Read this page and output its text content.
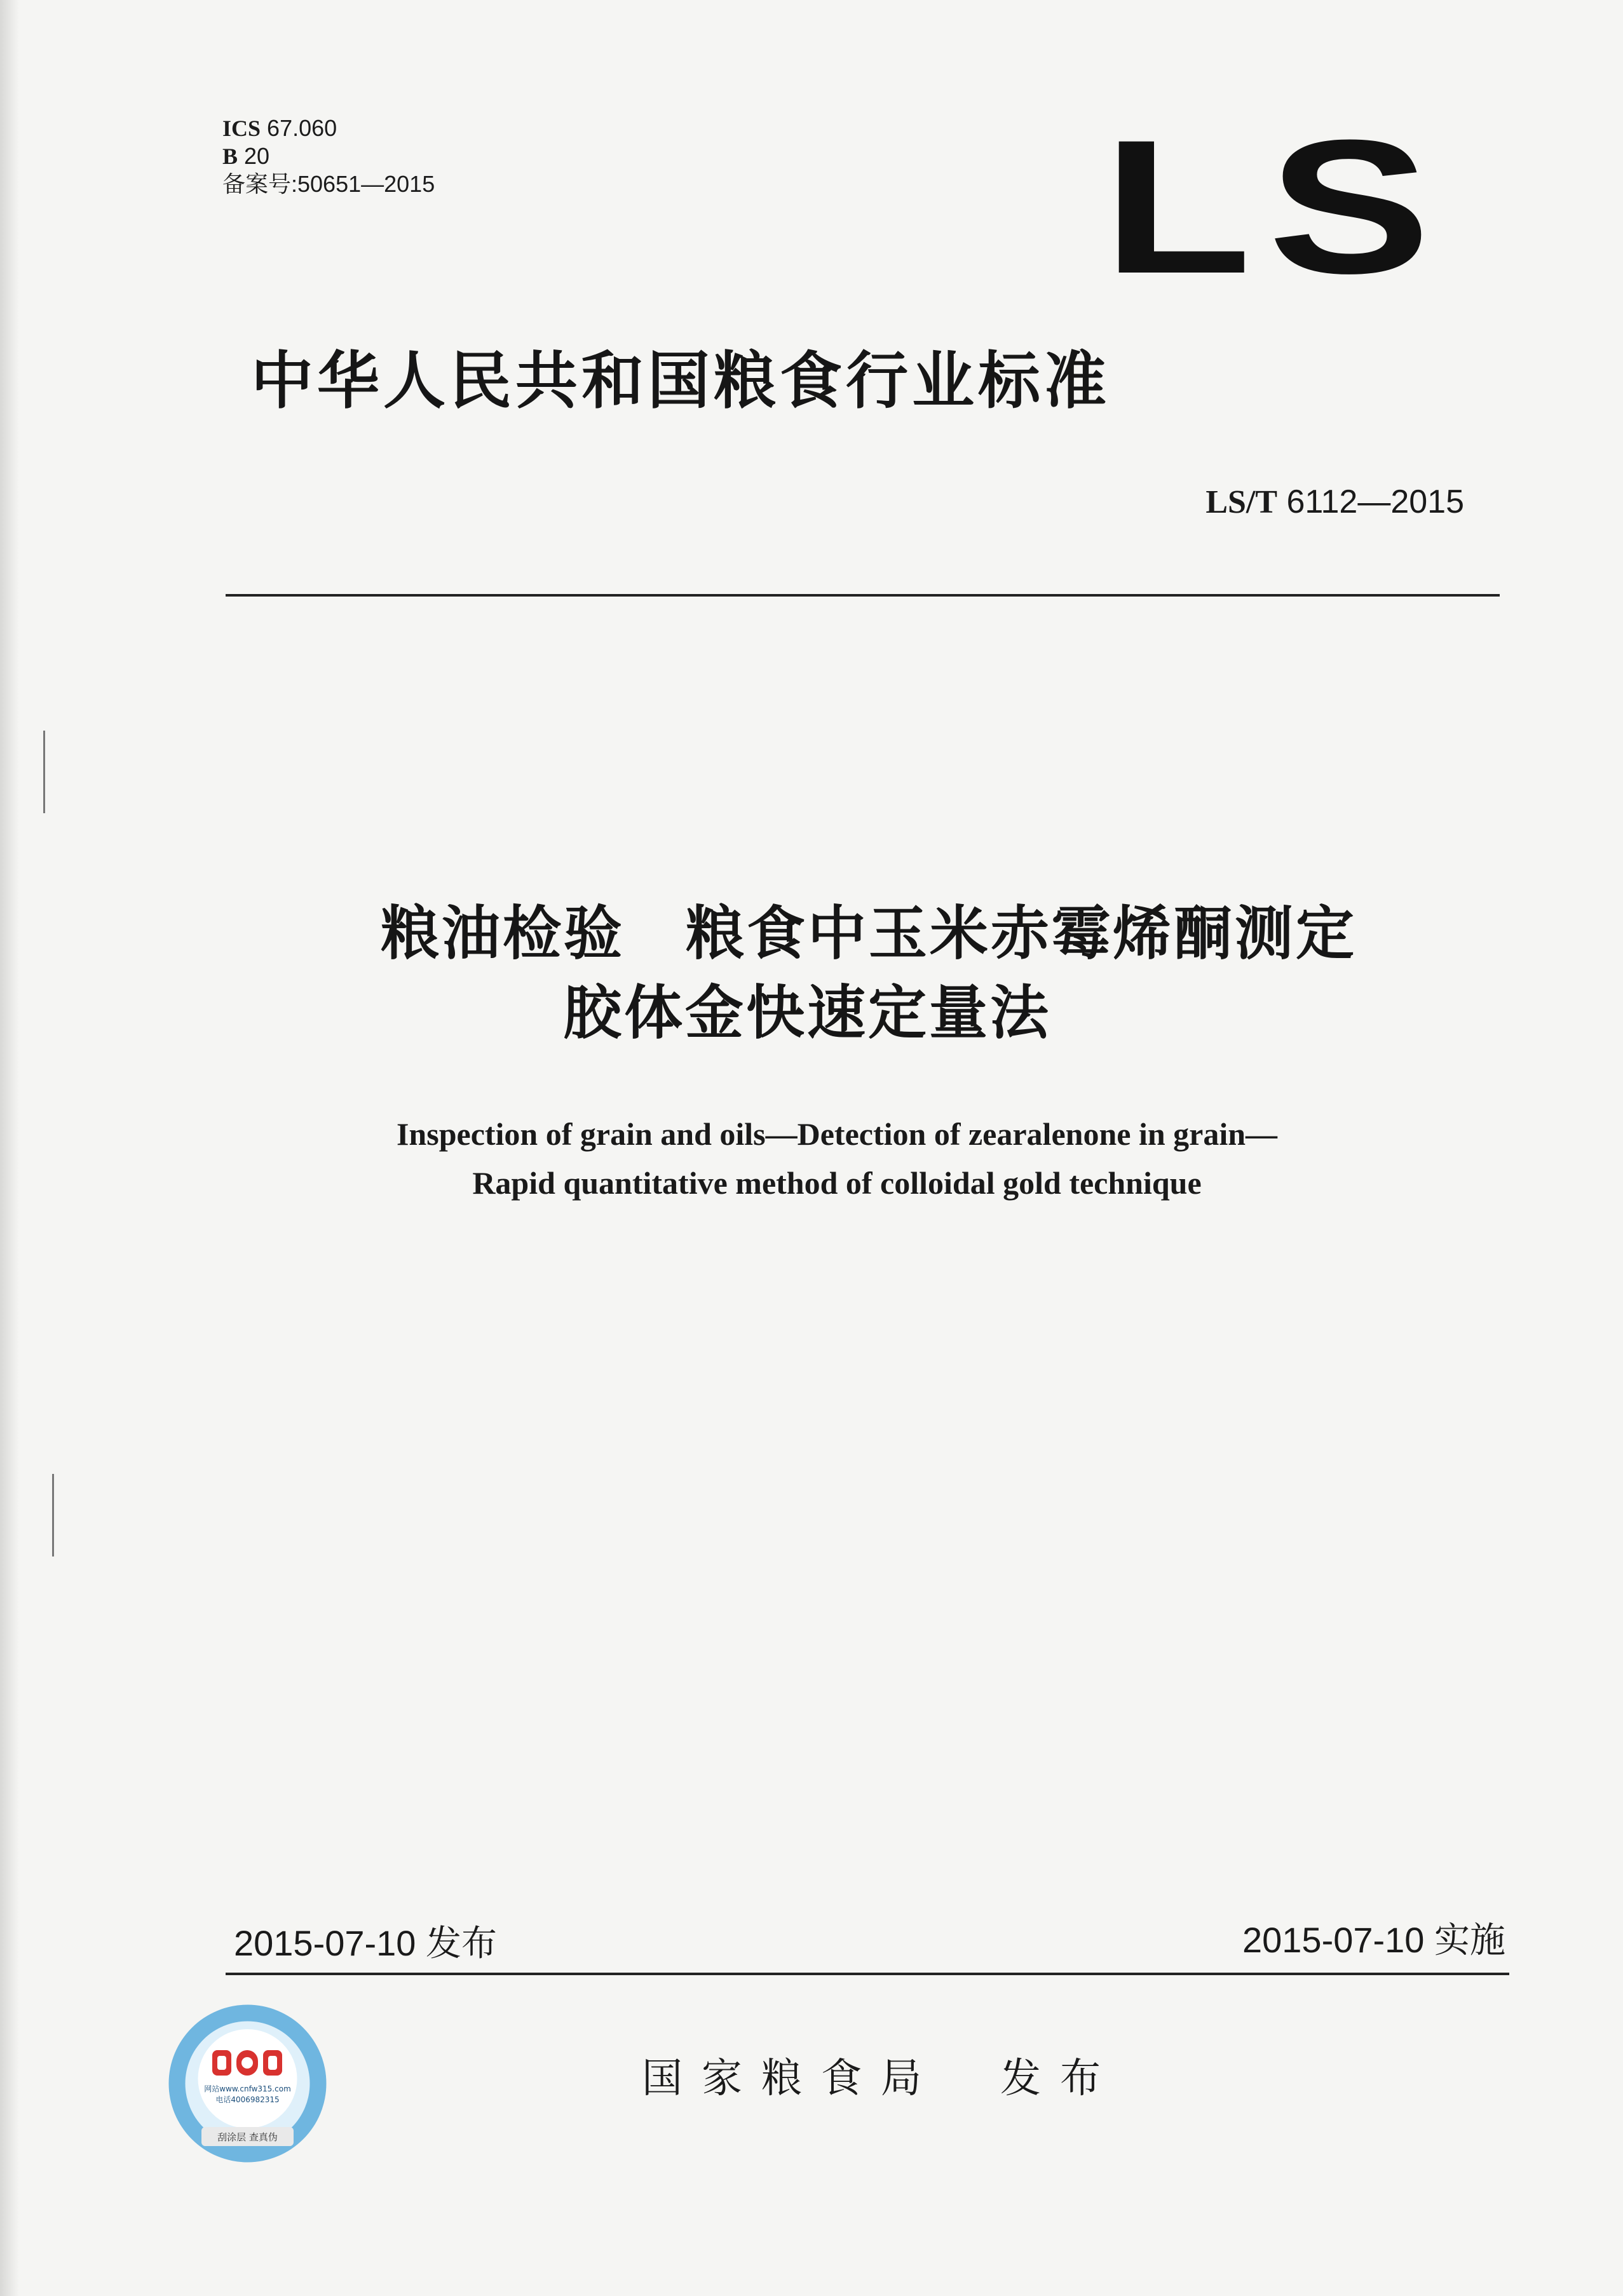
ICS 67.060
B 20
备案号:50651—2015	LS
中华人民共和国粮食行业标准
LS/T 6112—2015
粮油检验　粮食中玉米赤霉烯酮测定
胶体金快速定量法
Inspection of grain and oils—Detection of zearalenone in grain—
Rapid quantitative method of colloidal gold technique
2015-07-10 发布	2015-07-10 实施
国家粮食局　发布
网站www.cnfw315.com
电话4006982315
刮涂层 查真伪
